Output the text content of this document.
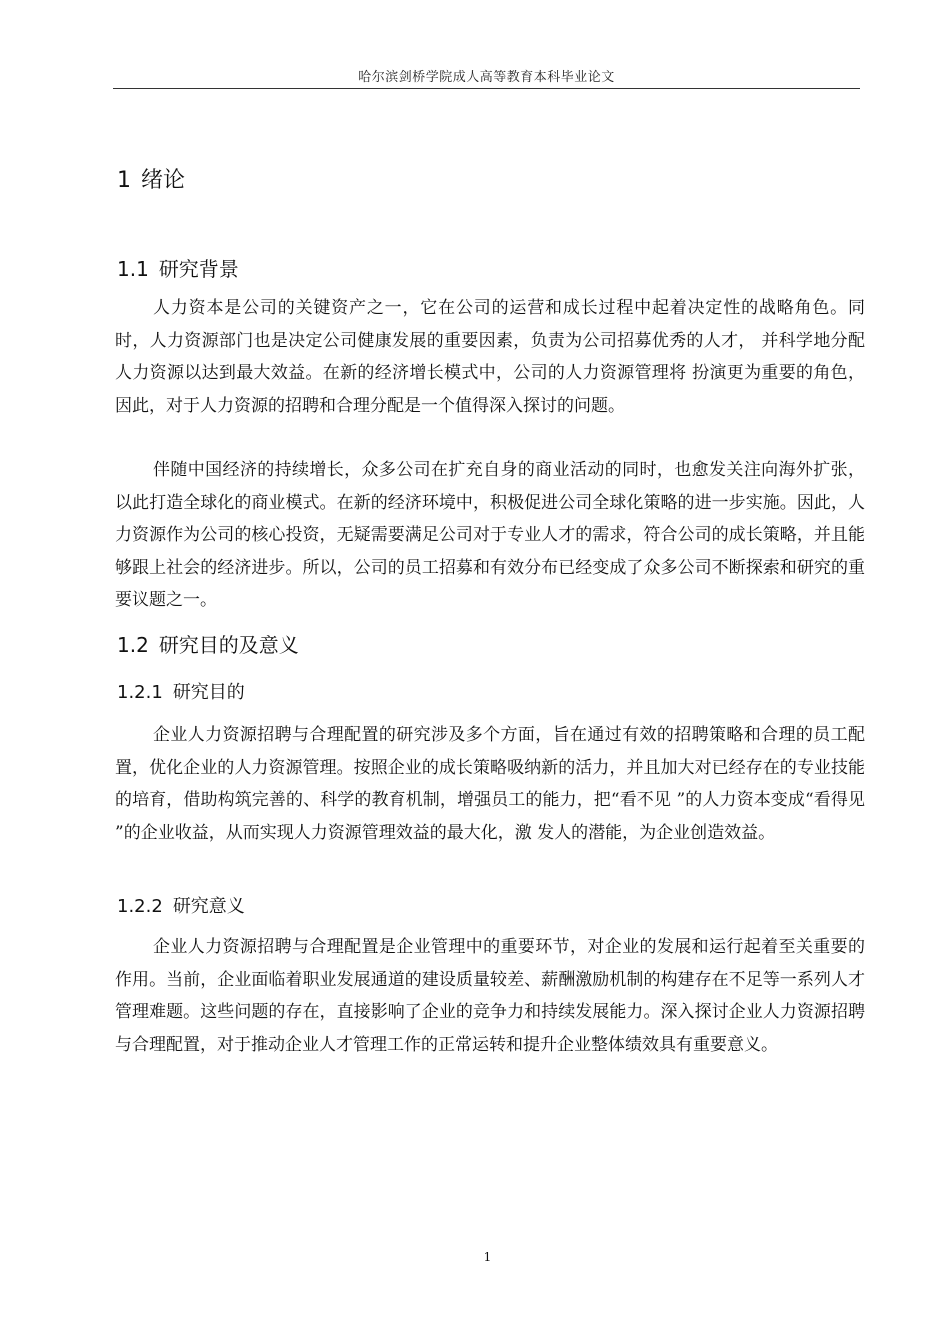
哈尔滨剑桥学院成人高等教育本科毕业论文
1 绪论
1.1 研究背景

人力资本是公司的关键资产之一，它在公司的运营和成长过程中起着决定性的战略角色。同时，人力资源部门也是决定公司健康发展的重要因素，负责为公司招募优秀的人才， 并科学地分配人力资源以达到最大效益。在新的经济增长模式中，公司的人力资源管理将 扮演更为重要的角色，因此，对于人力资源的招聘和合理分配是一个值得深入探讨的问题。

伴随中国经济的持续增长，众多公司在扩充自身的商业活动的同时，也愈发关注向海外扩张，以此打造全球化的商业模式。在新的经济环境中，积极促进公司全球化策略的进一步实施。因此，人力资源作为公司的核心投资，无疑需要满足公司对于专业人才的需求，符合公司的成长策略，并且能够跟上社会的经济进步。所以，公司的员工招募和有效分布已经变成了众多公司不断探索和研究的重要议题之一。

1.2 研究目的及意义
1.2.1 研究目的

企业人力资源招聘与合理配置的研究涉及多个方面，旨在通过有效的招聘策略和合理的员工配置，优化企业的人力资源管理。按照企业的成长策略吸纳新的活力，并且加大对已经存在的专业技能的培育，借助构筑完善的、科学的教育机制，增强员工的能力，把“看不见 ”的人力资本变成“看得见 ”的企业收益，从而实现人力资源管理效益的最大化，激 发人的潜能，为企业创造效益。

1.2.2 研究意义

企业人力资源招聘与合理配置是企业管理中的重要环节，对企业的发展和运行起着至关重要的作用。当前，企业面临着职业发展通道的建设质量较差、薪酬激励机制的构建存在不足等一系列人才管理难题。这些问题的存在，直接影响了企业的竞争力和持续发展能力。深入探讨企业人力资源招聘与合理配置，对于推动企业人才管理工作的正常运转和提升企业整体绩效具有重要意义。

1
